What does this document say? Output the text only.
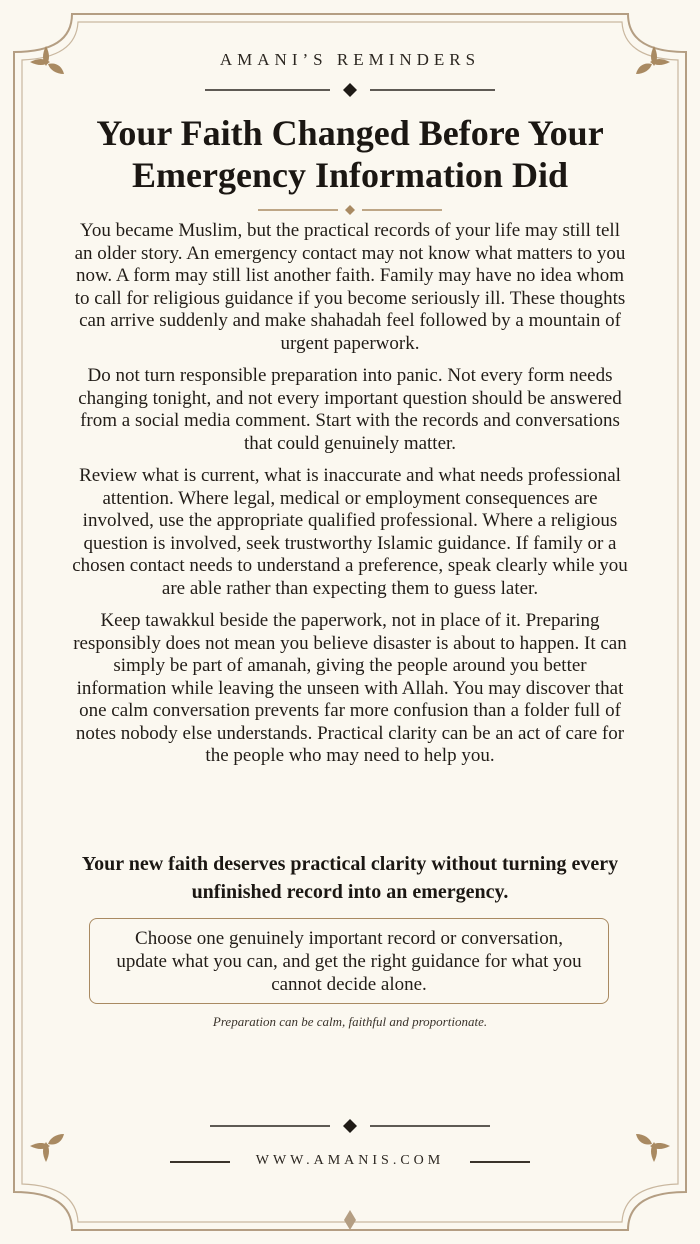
AMANI’S REMINDERS
Your Faith Changed Before Your
Emergency Information Did

You became Muslim, but the practical records of your life may still tell an older story. An emergency contact may not know what matters to you now. A form may still list another faith. Family may have no idea whom to call for religious guidance if you become seriously ill. These thoughts can arrive suddenly and make shahadah feel followed by a mountain of urgent paperwork.

Do not turn responsible preparation into panic. Not every form needs changing tonight, and not every important question should be answered from a social media comment. Start with the records and conversations that could genuinely matter.

Review what is current, what is inaccurate and what needs professional attention. Where legal, medical or employment consequences are involved, use the appropriate qualified professional. Where a religious question is involved, seek trustworthy Islamic guidance. If family or a chosen contact needs to understand a preference, speak clearly while you are able rather than expecting them to guess later.

Keep tawakkul beside the paperwork, not in place of it. Preparing responsibly does not mean you believe disaster is about to happen. It can simply be part of amanah, giving the people around you better information while leaving the unseen with Allah. You may discover that one calm conversation prevents far more confusion than a folder full of notes nobody else understands. Practical clarity can be an act of care for the people who may need to help you.

Your new faith deserves practical clarity without turning every unfinished record into an emergency.
Choose one genuinely important record or conversation, update what you can, and get the right guidance for what you cannot decide alone.
Preparation can be calm, faithful and proportionate.
WWW.AMANIS.COM
